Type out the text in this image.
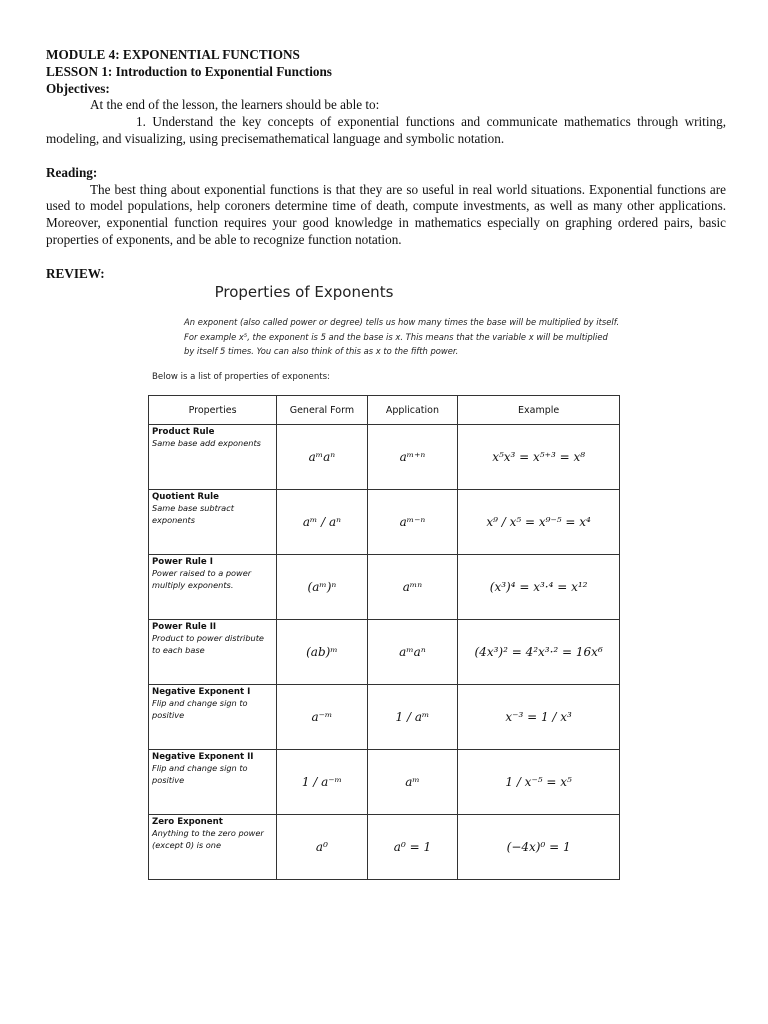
MODULE 4: EXPONENTIAL FUNCTIONS

LESSON 1: Introduction to Exponential Functions

Objectives:

At the end of the lesson, the learners should be able to:

1. Understand the key concepts of exponential functions and communicate mathematics through writing, modeling, and visualizing, using precisemathematical language and symbolic notation.

Reading:

The best thing about exponential functions is that they are so useful in real world situations. Exponential functions are used to model populations, help coroners determine time of death, compute investments, as well as many other applications. Moreover, exponential function requires your good knowledge in mathematics especially on graphing ordered pairs, basic properties of exponents, and be able to recognize function notation.

REVIEW:

Properties of Exponents
An exponent (also called power or degree) tells us how many times the base will be multiplied by itself. For example x⁵, the exponent is 5 and the base is x. This means that the variable x will be multiplied by itself 5 times. You can also think of this as x to the fifth power.
Below is a list of properties of exponents:
Properties	General Form	Application	Example

Product Rule
Same base add exponents	aᵐaⁿ	aᵐ⁺ⁿ	x⁵x³ = x⁵⁺³ = x⁸

Quotient Rule
Same base subtract exponents	aᵐ / aⁿ	aᵐ⁻ⁿ	x⁹ / x⁵ = x⁹⁻⁵ = x⁴

Power Rule I
Power raised to a power multiply exponents.	(aᵐ)ⁿ	aᵐⁿ	(x³)⁴ = x³·⁴ = x¹²

Power Rule II
Product to power distribute to each base	(ab)ᵐ	aᵐaⁿ	(4x³)² = 4²x³·² = 16x⁶

Negative Exponent I
Flip and change sign to positive	a⁻ᵐ	1 / aᵐ	x⁻³ = 1 / x³

Negative Exponent II
Flip and change sign to positive	1 / a⁻ᵐ	aᵐ	1 / x⁻⁵ = x⁵

Zero Exponent
Anything to the zero power (except 0) is one	a⁰	a⁰ = 1	(−4x)⁰ = 1
